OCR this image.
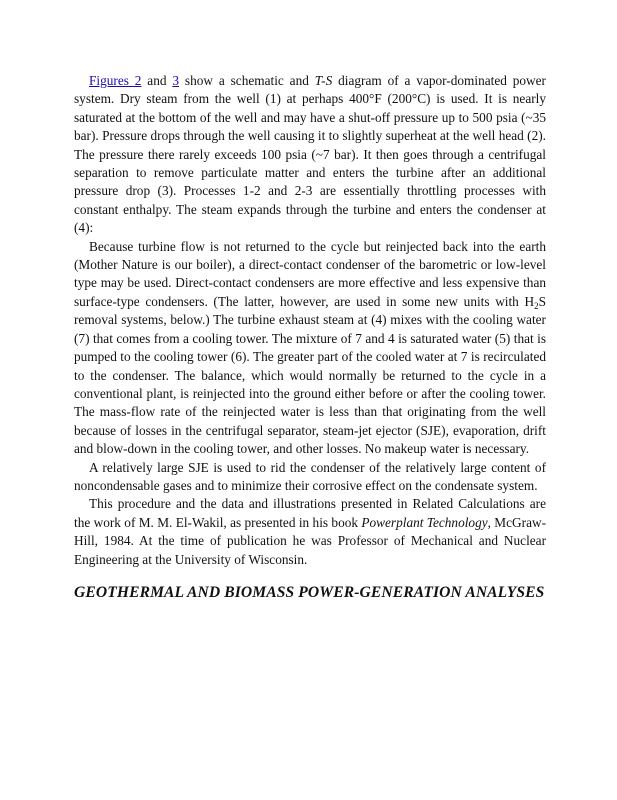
Figures 2 and 3 show a schematic and T-S diagram of a vapor-dominated power system. Dry steam from the well (1) at perhaps 400°F (200°C) is used. It is nearly saturated at the bottom of the well and may have a shut-off pressure up to 500 psia (~35 bar). Pressure drops through the well causing it to slightly superheat at the well head (2). The pressure there rarely exceeds 100 psia (~7 bar). It then goes through a centrifugal separation to remove particulate matter and enters the turbine after an additional pressure drop (3). Processes 1-2 and 2-3 are essentially throttling processes with constant enthalpy. The steam expands through the turbine and enters the condenser at (4):

Because turbine flow is not returned to the cycle but reinjected back into the earth (Mother Nature is our boiler), a direct-contact condenser of the barometric or low-level type may be used. Direct-contact condensers are more effective and less expensive than surface-type condensers. (The latter, however, are used in some new units with $H_2S$ removal systems, below.) The turbine exhaust steam at (4) mixes with the cooling water (7) that comes from a cooling tower. The mixture of 7 and 4 is saturated water (5) that is pumped to the cooling tower (6). The greater part of the cooled water at 7 is recirculated to the condenser. The balance, which would normally be returned to the cycle in a conventional plant, is reinjected into the ground either before or after the cooling tower. The mass-flow rate of the reinjected water is less than that originating from the well because of losses in the centrifugal separator, steam-jet ejector (SJE), evaporation, drift and blow-down in the cooling tower, and other losses. No makeup water is necessary.

A relatively large SJE is used to rid the condenser of the relatively large content of noncondensable gases and to minimize their corrosive effect on the condensate system.

This procedure and the data and illustrations presented in Related Calculations are the work of M. M. El-Wakil, as presented in his book Powerplant Technology, McGraw-Hill, 1984. At the time of publication he was Professor of Mechanical and Nuclear Engineering at the University of Wisconsin.

GEOTHERMAL AND BIOMASS POWER-GENERATION ANALYSES
